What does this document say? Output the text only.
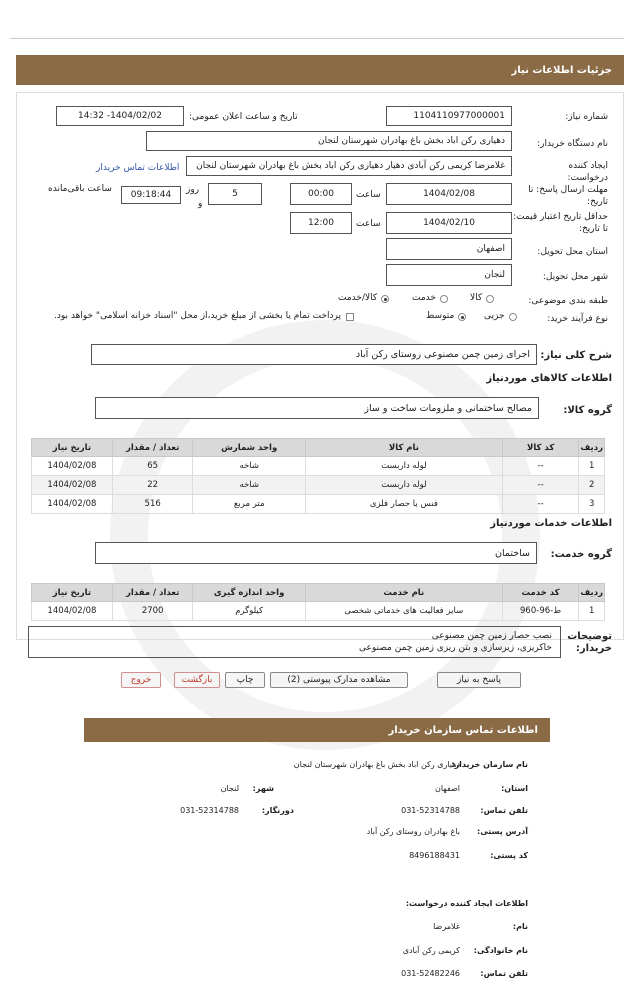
جزئیات اطلاعات نیاز
شماره نیاز:
1104110977000001
تاریخ و ساعت اعلان عمومی:
1404/02/02- 14:32
نام دستگاه خریدار:
دهیاری رکن اباد بخش باغ بهادران شهرستان لنجان
ایجاد کننده درخواست:
غلامرضا کریمی رکن آبادی دهیار دهیاری رکن اباد بخش باغ بهادران شهرستان لنجان
اطلاعات تماس خریدار
مهلت ارسال پاسخ: تا تاریخ:
1404/02/08
ساعت
00:00
5
روز
و
09:18:44
ساعت باقی‌مانده
حداقل تاریخ اعتبار قیمت: تا تاریخ:
1404/02/10
ساعت
12:00
استان محل تحویل:
اصفهان
شهر محل تحویل:
لنجان
طبقه بندی موضوعی:
کالا/خدمت	خدمت	کالا
نوع فرآیند خرید:
جزیی
متوسط
پرداخت تمام یا بخشی از مبلغ خرید،از محل "اسناد خزانه اسلامی" خواهد بود.
شرح کلی نیاز:
اجرای زمین چمن مصنوعی روستای رکن آباد
اطلاعات کالاهای موردنیاز
گروه کالا:
مصالح ساختمانی و ملزومات ساخت و ساز
ردیف	کد کالا	نام کالا	واحد شمارش	تعداد / مقدار	تاریخ نیاز
1	--	لوله داربست	شاخه	65	1404/02/08
2	--	لوله داربست	شاخه	22	1404/02/08
3	--	فنس یا حصار فلزی	متر مربع	516	1404/02/08
اطلاعات خدمات موردنیاز
گروه خدمت:
ساختمان
ردیف	کد خدمت	نام خدمت	واحد اندازه گیری	تعداد / مقدار	تاریخ نیاز
1	ط-96-960	سایر فعالیت های خدماتی شخصی	کیلوگرم	2700	1404/02/08
توضیحات
خریدار:
نصب حصار زمین چمن مصنوعی
خاکریزی، زیرسازی و بتن ریزی زمین چمن مصنوعی
پاسخ به نیاز
مشاهده مدارک پیوستی (2)
چاپ
بازگشت
خروج
اطلاعات تماس سازمان خریدار
نام سازمان خریدار:
دهیاری رکن اباد بخش باغ بهادران شهرستان لنجان
استان:
اصفهان
شهر:
لنجان
تلفن تماس:
031-52314788
دورنگار:
031-52314788
آدرس پستی:
باغ بهادران روستای رکن آباد
کد پستی:
8496188431
اطلاعات ایجاد کننده درخواست:
نام:
غلامرضا
نام خانوادگی:
کریمی رکن آبادی
تلفن تماس:
031-52482246
